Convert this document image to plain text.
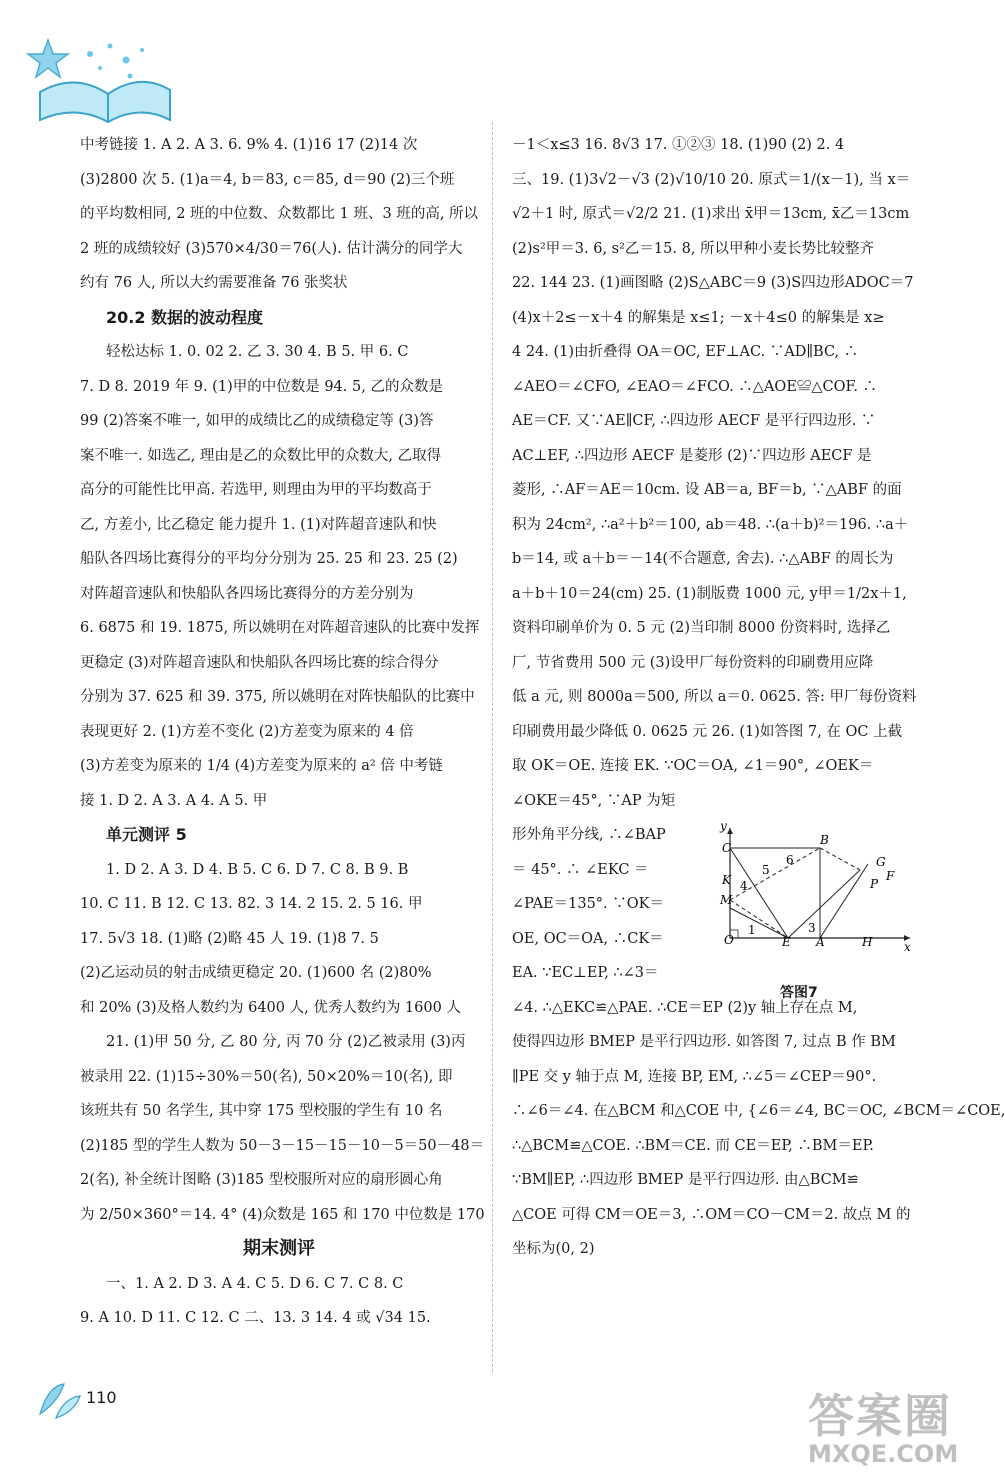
中考链接 1. A 2. A 3. 6. 9% 4. (1)16 17 (2)14 次
(3)2800 次 5. (1)a＝4, b＝83, c＝85, d＝90 (2)三个班
的平均数相同, 2 班的中位数、众数都比 1 班、3 班的高, 所以
2 班的成绩较好 (3)570×4/30＝76(人). 估计满分的同学大
约有 76 人, 所以大约需要准备 76 张奖状
20.2 数据的波动程度
轻松达标 1. 0. 02 2. 乙 3. 30 4. B 5. 甲 6. C
7. D 8. 2019 年 9. (1)甲的中位数是 94. 5, 乙的众数是
99 (2)答案不唯一, 如甲的成绩比乙的成绩稳定等 (3)答
案不唯一. 如选乙, 理由是乙的众数比甲的众数大, 乙取得
高分的可能性比甲高. 若选甲, 则理由为甲的平均数高于
乙, 方差小, 比乙稳定 能力提升 1. (1)对阵超音速队和快
船队各四场比赛得分的平均分分别为 25. 25 和 23. 25 (2)
对阵超音速队和快船队各四场比赛得分的方差分别为
6. 6875 和 19. 1875, 所以姚明在对阵超音速队的比赛中发挥
更稳定 (3)对阵超音速队和快船队各四场比赛的综合得分
分别为 37. 625 和 39. 375, 所以姚明在对阵快船队的比赛中
表现更好 2. (1)方差不变化 (2)方差变为原来的 4 倍
(3)方差变为原来的 1/4 (4)方差变为原来的 a² 倍 中考链
接 1. D 2. A 3. A 4. A 5. 甲
单元测评 5
1. D 2. A 3. D 4. B 5. C 6. D 7. C 8. B 9. B
10. C 11. B 12. C 13. 82. 3 14. 2 15. 2. 5 16. 甲
17. 5√3 18. (1)略 (2)略 45 人 19. (1)8 7. 5
(2)乙运动员的射击成绩更稳定 20. (1)600 名 (2)80%
和 20% (3)及格人数约为 6400 人, 优秀人数约为 1600 人
21. (1)甲 50 分, 乙 80 分, 丙 70 分 (2)乙被录用 (3)丙
被录用 22. (1)15÷30%＝50(名), 50×20%＝10(名), 即
该班共有 50 名学生, 其中穿 175 型校服的学生有 10 名
(2)185 型的学生人数为 50－3－15－15－10－5＝50－48＝
2(名), 补全统计图略 (3)185 型校服所对应的扇形圆心角
为 2/50×360°＝14. 4° (4)众数是 165 和 170 中位数是 170
期末测评
一、1. A 2. D 3. A 4. C 5. D 6. C 7. C 8. C
9. A 10. D 11. C 12. C 二、13. 3 14. 4 或 √34 15.
－1＜x≤3 16. 8√3 17. ①②③ 18. (1)90 (2) 2. 4
三、19. (1)3√2－√3 (2)√10/10 20. 原式＝1/(x－1), 当 x＝
√2＋1 时, 原式＝√2/2 21. (1)求出 x̄甲＝13cm, x̄乙＝13cm
(2)s²甲＝3. 6, s²乙＝15. 8, 所以甲种小麦长势比较整齐
22. 144 23. (1)画图略 (2)S△ABC＝9 (3)S四边形ADOC＝7
(4)x＋2≤－x＋4 的解集是 x≤1; －x＋4≤0 的解集是 x≥
4 24. (1)由折叠得 OA＝OC, EF⊥AC. ∵AD∥BC, ∴
∠AEO＝∠CFO, ∠EAO＝∠FCO. ∴△AOE≌△COF. ∴
AE＝CF. 又∵AE∥CF, ∴四边形 AECF 是平行四边形. ∵
AC⊥EF, ∴四边形 AECF 是菱形 (2)∵四边形 AECF 是
菱形, ∴AF＝AE＝10cm. 设 AB＝a, BF＝b, ∵△ABF 的面
积为 24cm², ∴a²＋b²＝100, ab＝48. ∴(a＋b)²＝196. ∴a＋
b＝14, 或 a＋b＝－14(不合题意, 舍去). ∴△ABF 的周长为
a＋b＋10＝24(cm) 25. (1)制版费 1000 元, y甲＝1/2x＋1,
资料印刷单价为 0. 5 元 (2)当印制 8000 份资料时, 选择乙
厂, 节省费用 500 元 (3)设甲厂每份资料的印刷费用应降
低 a 元, 则 8000a＝500, 所以 a＝0. 0625. 答: 甲厂每份资料
印刷费用最少降低 0. 0625 元 26. (1)如答图 7, 在 OC 上截
取 OK＝OE. 连接 EK. ∵OC＝OA, ∠1＝90°, ∠OEK＝
∠OKE＝45°, ∵AP 为矩
形外角平分线, ∴∠BAP
＝ 45°. ∴ ∠EKC ＝
∠PAE＝135°. ∵OK＝
OE, OC＝OA, ∴CK＝
EA. ∵EC⊥EP, ∴∠3＝
∠4. ∴△EKC≌△PAE. ∴CE＝EP (2)y 轴上存在点 M,
使得四边形 BMEP 是平行四边形. 如答图 7, 过点 B 作 BM
∥PE 交 y 轴于点 M, 连接 BP, EM, ∴∠5＝∠CEP＝90°.
∴∠6＝∠4. 在△BCM 和△COE 中, {∠6＝∠4, BC＝OC, ∠BCM＝∠COE,
∴△BCM≌△COE. ∴BM＝CE. 而 CE＝EP, ∴BM＝EP.
∵BM∥EP, ∴四边形 BMEP 是平行四边形. 由△BCM≌
△COE 可得 CM＝OE＝3, ∴OM＝CO－CM＝2. 故点 M 的
坐标为(0, 2)
y
x
C
B
G
F
P
K
M
O	E A	H
1	3
4
5
6
答图7
110	答案圈
MXQE.COM
